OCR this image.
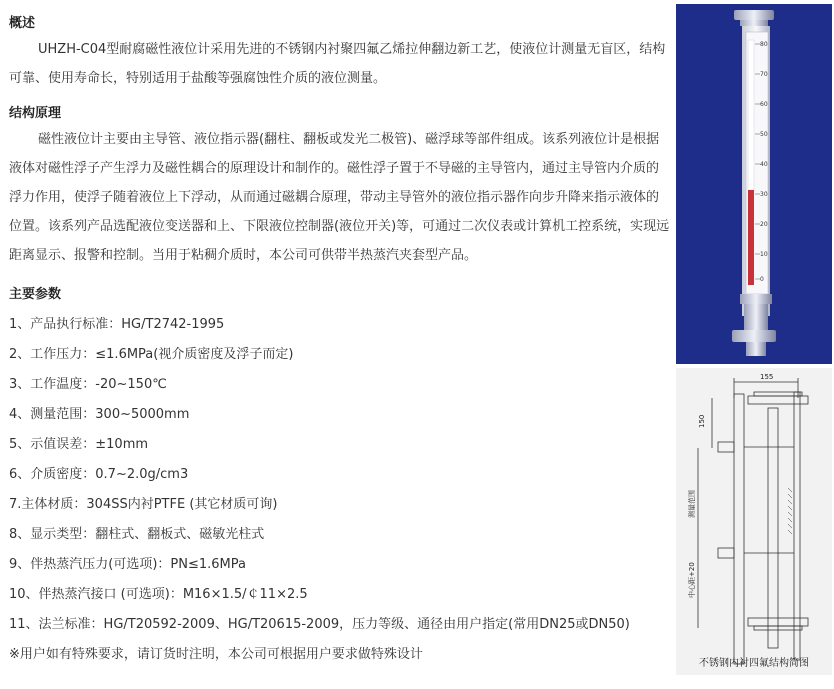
概述
UHZH-C04型耐腐磁性液位计采用先进的不锈钢内衬聚四氟乙烯拉伸翻边新工艺，使液位计测量无盲区，结构可靠、使用寿命长，特别适用于盐酸等强腐蚀性介质的液位测量。
结构原理
磁性液位计主要由主导管、液位指示器(翻柱、翻板或发光二极管)、磁浮球等部件组成。该系列液位计是根据液体对磁性浮子产生浮力及磁性耦合的原理设计和制作的。磁性浮子置于不导磁的主导管内，通过主导管内介质的浮力作用，使浮子随着液位上下浮动，从而通过磁耦合原理，带动主导管外的液位指示器作向步升降来指示液体的位置。该系列产品选配液位变送器和上、下限液位控制器(液位开关)等，可通过二次仪表或计算机工控系统，实现远距离显示、报警和控制。当用于粘稠介质时，本公司可供带半热蒸汽夹套型产品。
主要参数
1、产品执行标准：HG/T2742-1995
2、工作压力：≤1.6MPa(视介质密度及浮子而定)
3、工作温度：-20~150℃
4、测量范围：300~5000mm
5、示值误差：±10mm
6、介质密度：0.7~2.0g/cm3
7.主体材质：304SS内衬PTFE (其它材质可询)
8、显示类型：翻柱式、翻板式、磁敏光柱式
9、伴热蒸汽压力(可选项)：PN≤1.6MPa
10、伴热蒸汽接口 (可选项)：M16×1.5/￠11×2.5
11、法兰标准：HG/T20592-2009、HG/T20615-2009，压力等级、通径由用户指定(常用DN25或DN50)
※用户如有特殊要求，请订货时注明，本公司可根据用户要求做特殊设计
80
70
60
50
40
30
20
10
0
155
150
测量范围
中心距+20
不锈钢内衬四氟结构简图
